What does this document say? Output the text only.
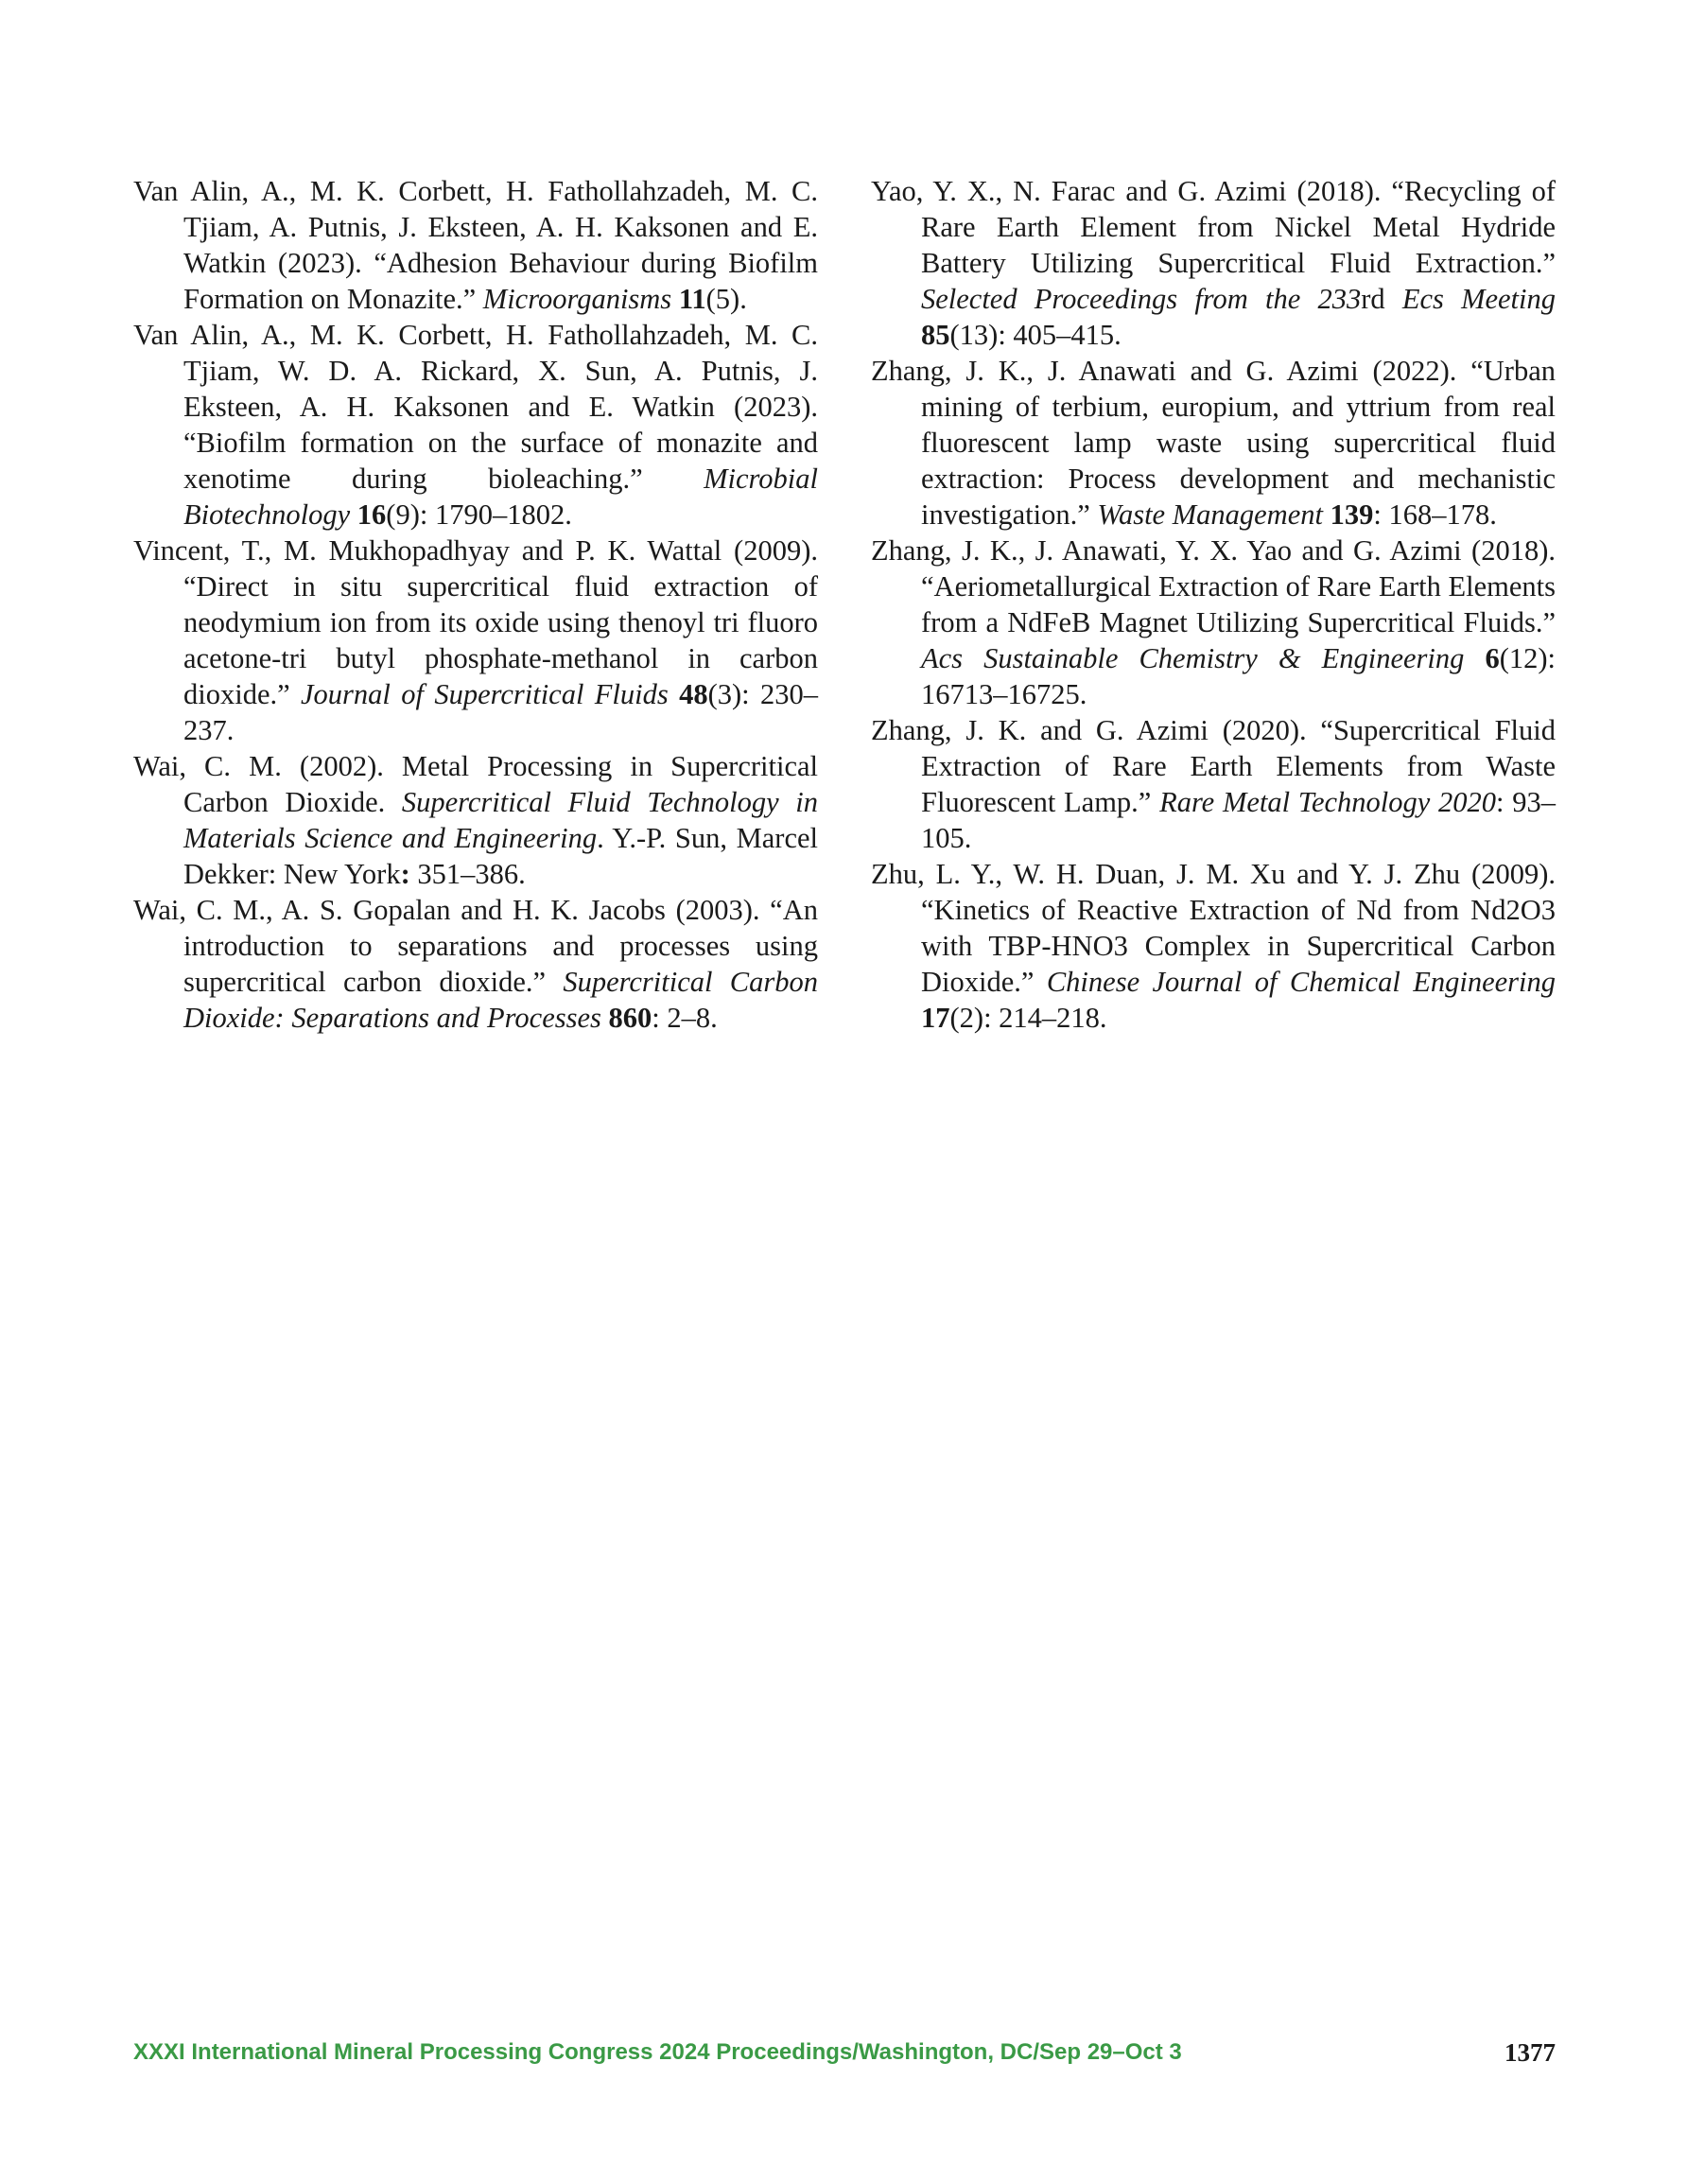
Van Alin, A., M. K. Corbett, H. Fathollahzadeh, M. C. Tjiam, A. Putnis, J. Eksteen, A. H. Kaksonen and E. Watkin (2023). “Adhesion Behaviour during Biofilm Formation on Monazite.” Microorganisms 11(5).

Van Alin, A., M. K. Corbett, H. Fathollahzadeh, M. C. Tjiam, W. D. A. Rickard, X. Sun, A. Putnis, J. Eksteen, A. H. Kaksonen and E. Watkin (2023). “Biofilm formation on the surface of monazite and xenotime during bioleaching.” Microbial Biotechnology 16(9): 1790–1802.

Vincent, T., M. Mukhopadhyay and P. K. Wattal (2009). “Direct in situ supercritical fluid extraction of neodymium ion from its oxide using thenoyl tri fluoro acetone-tri butyl phosphate-methanol in carbon dioxide.” Journal of Supercritical Fluids 48(3): 230–237.

Wai, C. M. (2002). Metal Processing in Supercritical Carbon Dioxide. Supercritical Fluid Technology in Materials Science and Engineering. Y.-P. Sun, Marcel Dekker: New York: 351–386.

Wai, C. M., A. S. Gopalan and H. K. Jacobs (2003). “An introduction to separations and processes using supercritical carbon dioxide.” Supercritical Carbon Dioxide: Separations and Processes 860: 2–8.

Yao, Y. X., N. Farac and G. Azimi (2018). “Recycling of Rare Earth Element from Nickel Metal Hydride Battery Utilizing Supercritical Fluid Extraction.” Selected Proceedings from the 233rd Ecs Meeting 85(13): 405–415.

Zhang, J. K., J. Anawati and G. Azimi (2022). “Urban mining of terbium, europium, and yttrium from real fluorescent lamp waste using supercritical fluid extraction: Process development and mechanistic investigation.” Waste Management 139: 168–178.

Zhang, J. K., J. Anawati, Y. X. Yao and G. Azimi (2018). “Aeriometallurgical Extraction of Rare Earth Elements from a NdFeB Magnet Utilizing Supercritical Fluids.” Acs Sustainable Chemistry & Engineering 6(12): 16713–16725.

Zhang, J. K. and G. Azimi (2020). “Supercritical Fluid Extraction of Rare Earth Elements from Waste Fluorescent Lamp.” Rare Metal Technology 2020: 93–105.

Zhu, L. Y., W. H. Duan, J. M. Xu and Y. J. Zhu (2009). “Kinetics of Reactive Extraction of Nd from Nd2O3 with TBP-HNO3 Complex in Supercritical Carbon Dioxide.” Chinese Journal of Chemical Engineering 17(2): 214–218.

XXXI International Mineral Processing Congress 2024 Proceedings/Washington, DC/Sep 29–Oct 3	1377
